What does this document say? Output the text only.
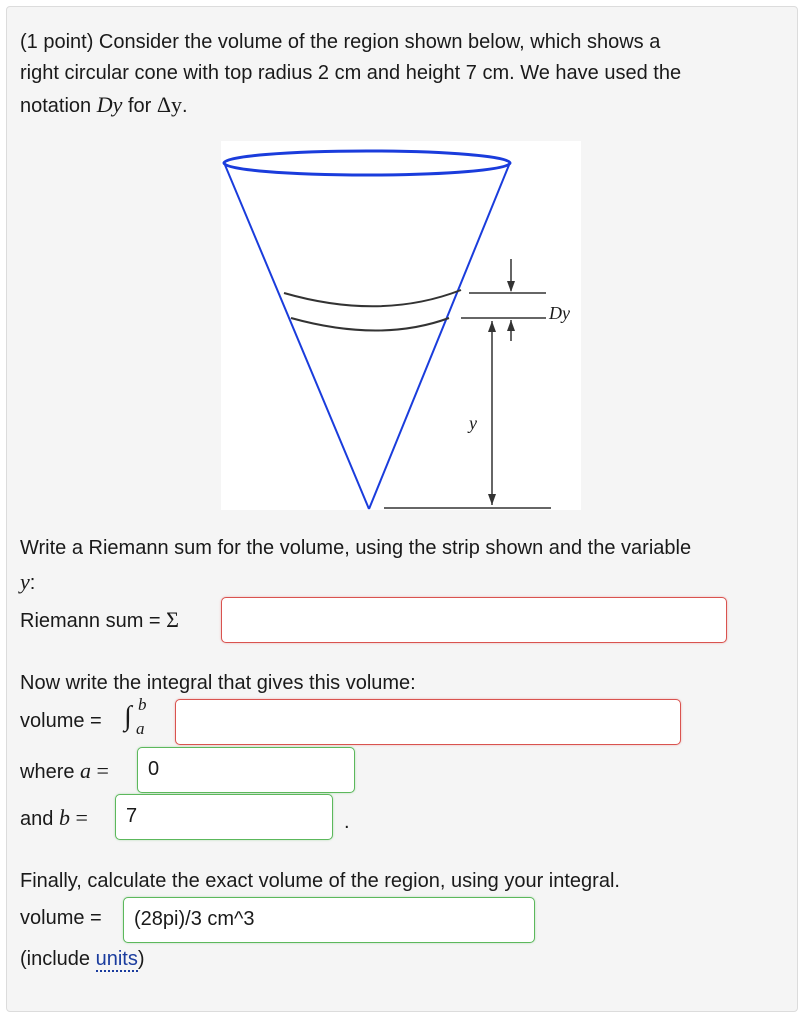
(1 point) Consider the volume of the region shown below, which shows a
right circular cone with top radius 2 cm and height 7 cm. We have used the
notation Dy for Δy.
Dy
y
Write a Riemann sum for the volume, using the strip shown and the variable
y:
Riemann sum = Σ
Now write the integral that gives this volume:
volume = ∫ b
a
where a =	0
and b =	7	.
Finally, calculate the exact volume of the region, using your integral.
volume =	(28pi)/3 cm^3
(include units)
